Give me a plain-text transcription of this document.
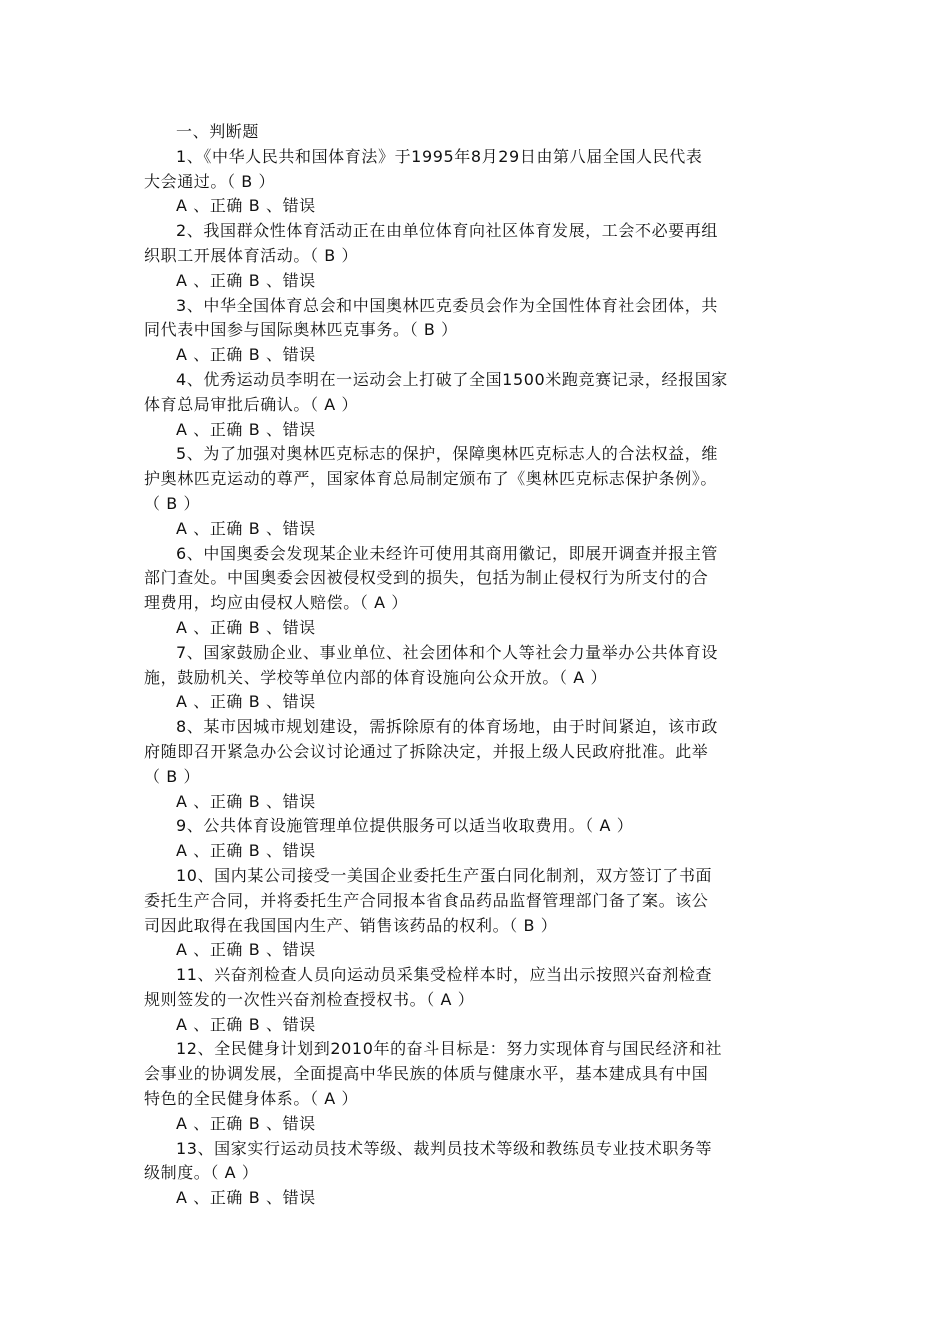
一、判断题
1、《中华人民共和国体育法》于1995年8月29日由第八届全国人民代表
大会通过。（ B ）
A 、正确 B 、错误
2、我国群众性体育活动正在由单位体育向社区体育发展，工会不必要再组
织职工开展体育活动。（ B ）
A 、正确 B 、错误
3、中华全国体育总会和中国奥林匹克委员会作为全国性体育社会团体，共
同代表中国参与国际奥林匹克事务。（ B ）
A 、正确 B 、错误
4、优秀运动员李明在一运动会上打破了全国1500米跑竞赛记录，经报国家
体育总局审批后确认。（ A ）
A 、正确 B 、错误
5、为了加强对奥林匹克标志的保护，保障奥林匹克标志人的合法权益，维
护奥林匹克运动的尊严，国家体育总局制定颁布了《奥林匹克标志保护条例》。
（ B ）
A 、正确 B 、错误
6、中国奥委会发现某企业未经许可使用其商用徽记，即展开调查并报主管
部门查处。中国奥委会因被侵权受到的损失，包括为制止侵权行为所支付的合
理费用，均应由侵权人赔偿。（ A ）
A 、正确 B 、错误
7、国家鼓励企业、事业单位、社会团体和个人等社会力量举办公共体育设
施，鼓励机关、学校等单位内部的体育设施向公众开放。（ A ）
A 、正确 B 、错误
8、某市因城市规划建设，需拆除原有的体育场地，由于时间紧迫，该市政
府随即召开紧急办公会议讨论通过了拆除决定，并报上级人民政府批准。此举
（ B ）
A 、正确 B 、错误
9、公共体育设施管理单位提供服务可以适当收取费用。（ A ）
A 、正确 B 、错误
10、国内某公司接受一美国企业委托生产蛋白同化制剂，双方签订了书面
委托生产合同，并将委托生产合同报本省食品药品监督管理部门备了案。该公
司因此取得在我国国内生产、销售该药品的权利。（ B ）
A 、正确 B 、错误
11、兴奋剂检查人员向运动员采集受检样本时，应当出示按照兴奋剂检查
规则签发的一次性兴奋剂检查授权书。（ A ）
A 、正确 B 、错误
12、全民健身计划到2010年的奋斗目标是：努力实现体育与国民经济和社
会事业的协调发展，全面提高中华民族的体质与健康水平，基本建成具有中国
特色的全民健身体系。（ A ）
A 、正确 B 、错误
13、国家实行运动员技术等级、裁判员技术等级和教练员专业技术职务等
级制度。（ A ）
A 、正确 B 、错误
